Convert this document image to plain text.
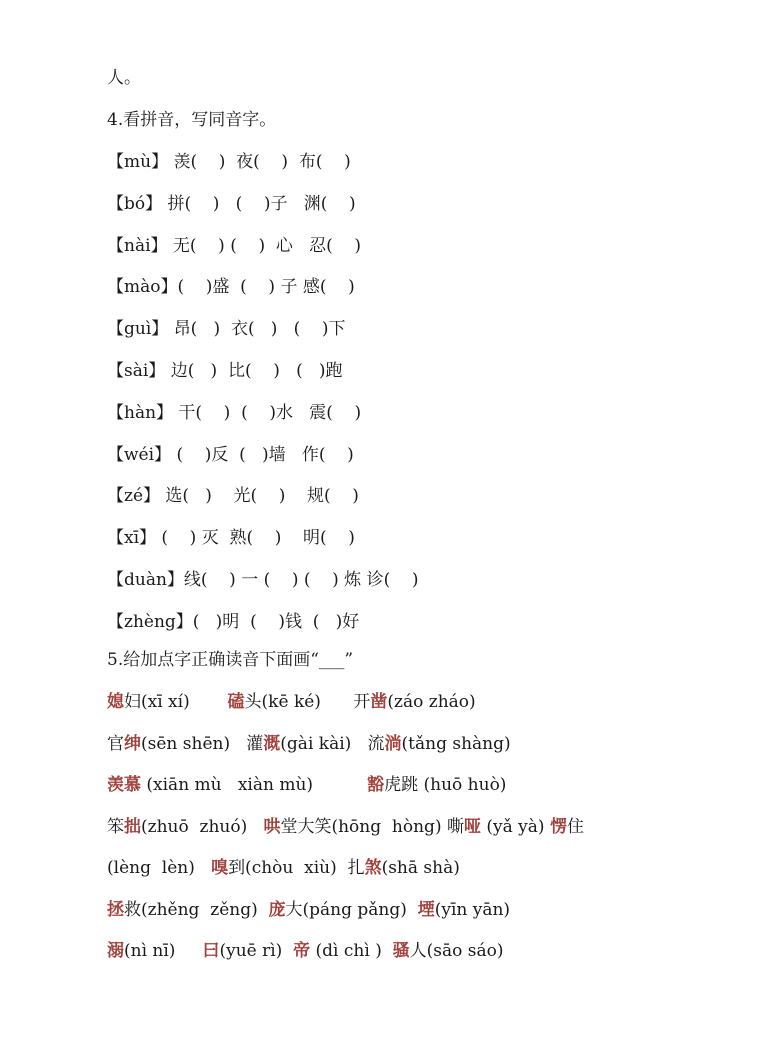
人。
4.看拼音，写同音字。
【mù】 羡(    )  夜(    )  布(    )
【bó】 拼(    )   (    )子   渊(    )
【nài】 无(    ) (    )  心   忍(    )
【mào】(    )盛  (    ) 子 感(    )
【guì】 昂(   )  衣(   )   (    )下
【sài】 边(   )  比(    )   (   )跑
【hàn】 干(    )  (    )水   震(    )
【wéi】 (    )反  (   )墙   作(    )
【zé】 选(   )    光(    )    规(    )
【xī】 (    ) 灭  熟(    )    明(    )
【duàn】线(    ) 一 (    ) (    ) 炼 诊(    )
【zhèng】(   )明  (    )钱  (   )好
5.给加点字正确读音下面画“___”
媳妇(xī xí)       磕头(kē ké)      开凿(záo zháo)
官绅(sēn shēn)   灌溉(gài kài)   流淌(tǎng shàng)
羡慕 (xiān mù   xiàn mù)          豁虎跳 (huō huò)
笨拙(zhuō  zhuó)   哄堂大笑(hōng  hòng) 嘶哑 (yǎ yà) 愣住
(lèng  lèn)   嗅到(chòu  xiù)  扎煞(shā shà)
拯救(zhěng  zěng)  庞大(páng pǎng)  堙(yīn yān)
溺(nì nī)     曰(yuē rì)  帝 (dì chì )  骚人(sāo sáo)
